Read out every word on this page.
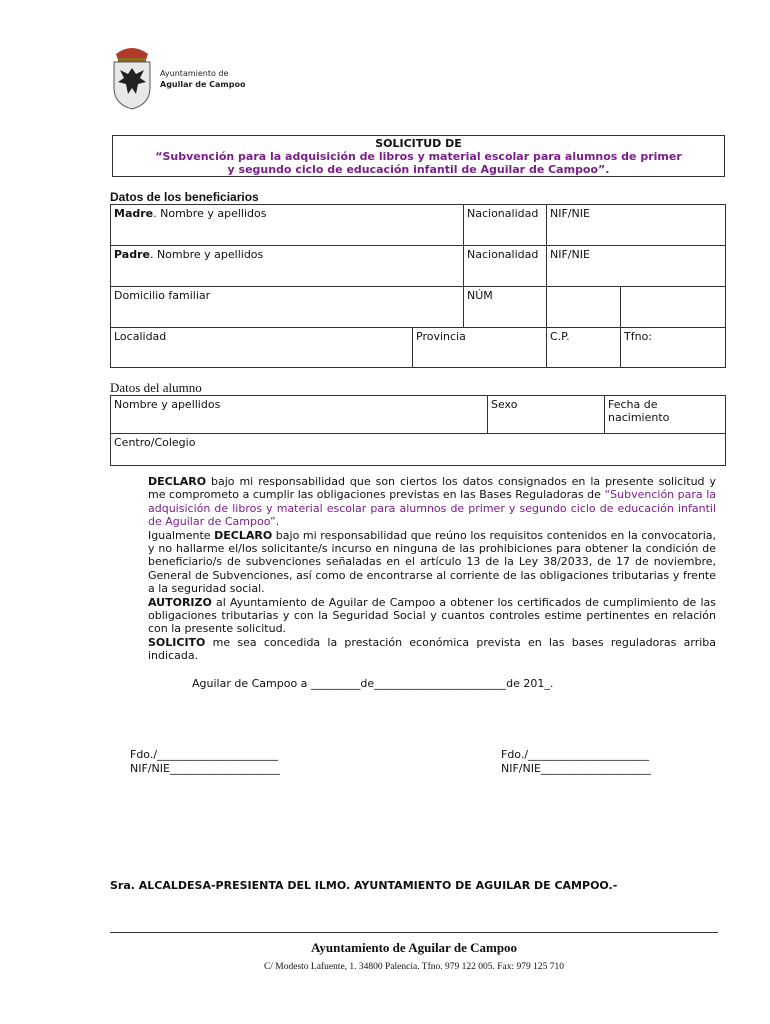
Ayuntamiento de
Aguilar de Campoo
SOLICITUD DE
“Subvención para la adquisición de libros y material escolar para alumnos de primer
y segundo ciclo de educación infantil de Aguilar de Campoo”.
Datos de los beneficiarios
Madre. Nombre y apellidos	Nacionalidad	NIF/NIE
Padre. Nombre y apellidos	Nacionalidad	NIF/NIE
Domicilio familiar	NÚM
Localidad	Provincia	C.P.	Tfno:
Datos del alumno
Nombre y apellidos	Sexo	Fecha de
nacimiento
Centro/Colegio

DECLARO bajo mi responsabilidad que son ciertos los datos consignados en la presente solicitud y me comprometo a cumplir las obligaciones previstas en las Bases Reguladoras de “Subvención para la adquisición de libros y material escolar para alumnos de primer y segundo ciclo de educación infantil de Aguilar de Campoo”.

Igualmente DECLARO bajo mi responsabilidad que reúno los requisitos contenidos en la convocatoria, y no hallarme el/los solicitante/s incurso en ninguna de las prohibiciones para obtener la condición de beneficiario/s de subvenciones señaladas en el artículo 13 de la Ley 38/2033, de 17 de noviembre, General de Subvenciones, así como de encontrarse al corriente de las obligaciones tributarias y frente a la seguridad social.

AUTORIZO al Ayuntamiento de Aguilar de Campoo a obtener los certificados de cumplimiento de las obligaciones tributarias y con la Seguridad Social y cuantos controles estime pertinentes en relación con la presente solicitud.

SOLICITO me sea concedida la prestación económica prevista en las bases reguladoras arriba indicada.

Aguilar de Campoo a _________de________________________de 201_.
Fdo./______________________
NIF/NIE____________________
Fdo./______________________
NIF/NIE____________________
Sra. ALCALDESA-PRESIENTA DEL ILMO. AYUNTAMIENTO DE AGUILAR DE CAMPOO.-
Ayuntamiento de Aguilar de Campoo
C/ Modesto Lafuente, 1. 34800 Palencia. Tfno. 979 122 005. Fax: 979 125 710
